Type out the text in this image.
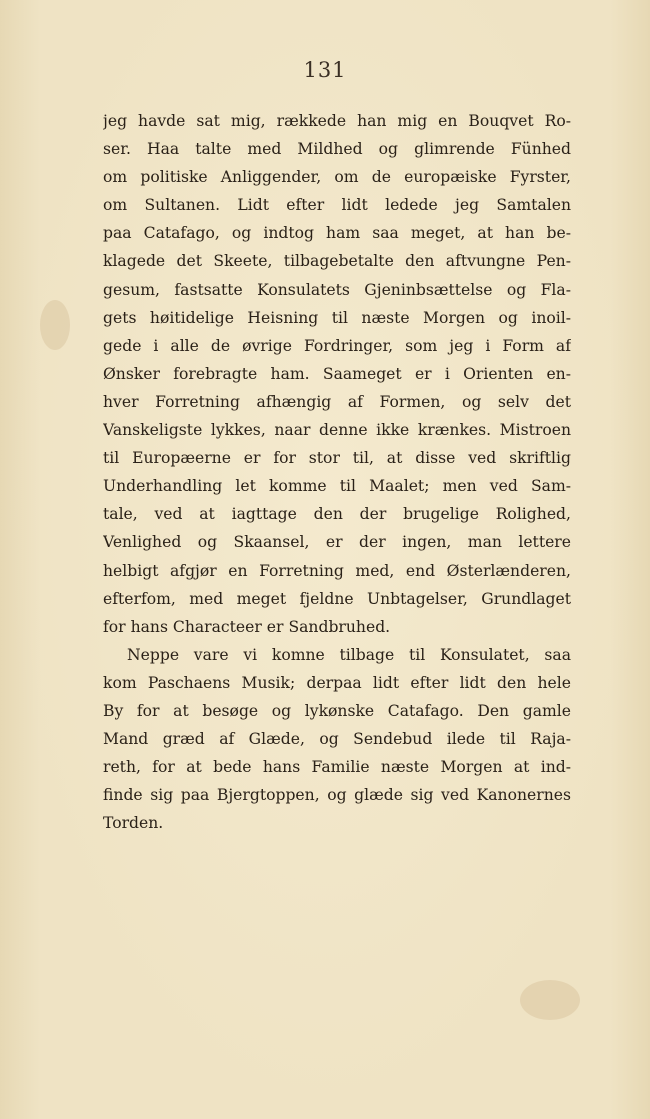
131
jeg havde sat mig, rækkede han mig en Bouqvet Ro-
ser. Haa talte med Mildhed og glimrende Fünhed
om politiske Anliggender, om de europæiske Fyrster,
om Sultanen. Lidt efter lidt ledede jeg Samtalen
paa Catafago, og indtog ham saa meget, at han be-
klagede det Skeete, tilbagebetalte den aftvungne Pen-
gesum, fastsatte Konsulatets Gjeninbsættelse og Fla-
gets høitidelige Heisning til næste Morgen og inoil-
gede i alle de øvrige Fordringer, som jeg i Form af
Ønsker forebragte ham. Saameget er i Orienten en-
hver Forretning afhængig af Formen, og selv det
Vanskeligste lykkes, naar denne ikke krænkes. Mistroen
til Europæerne er for stor til, at disse ved skriftlig
Underhandling let komme til Maalet; men ved Sam-
tale, ved at iagttage den der brugelige Rolighed,
Venlighed og Skaansel, er der ingen, man lettere
helbigt afgjør en Forretning med, end Østerlænderen,
efterfom, med meget fjeldne Unbtagelser, Grundlaget
for hans Characteer er Sandbruhed.
Neppe vare vi komne tilbage til Konsulatet, saa
kom Paschaens Musik; derpaa lidt efter lidt den hele
By for at besøge og lykønske Catafago. Den gamle
Mand græd af Glæde, og Sendebud ilede til Raja-
reth, for at bede hans Familie næste Morgen at ind-
finde sig paa Bjergtoppen, og glæde sig ved Kanonernes
Torden.
